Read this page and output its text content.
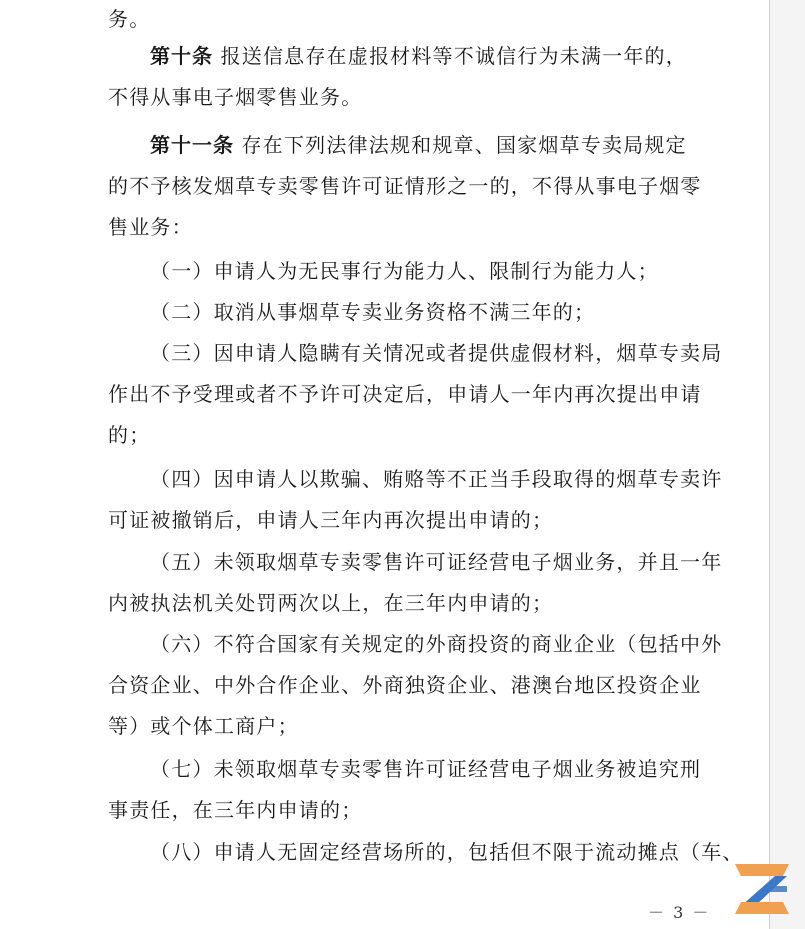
务。
第十条 报送信息存在虚报材料等不诚信行为未满一年的，
不得从事电子烟零售业务。
第十一条 存在下列法律法规和规章、国家烟草专卖局规定
的不予核发烟草专卖零售许可证情形之一的，不得从事电子烟零
售业务：
（一）申请人为无民事行为能力人、限制行为能力人；
（二）取消从事烟草专卖业务资格不满三年的；
（三）因申请人隐瞒有关情况或者提供虚假材料，烟草专卖局
作出不予受理或者不予许可决定后，申请人一年内再次提出申请
的；
（四）因申请人以欺骗、贿赂等不正当手段取得的烟草专卖许
可证被撤销后，申请人三年内再次提出申请的；
（五）未领取烟草专卖零售许可证经营电子烟业务，并且一年
内被执法机关处罚两次以上，在三年内申请的；
（六）不符合国家有关规定的外商投资的商业企业（包括中外
合资企业、中外合作企业、外商独资企业、港澳台地区投资企业
等）或个体工商户；
（七）未领取烟草专卖零售许可证经营电子烟业务被追究刑
事责任，在三年内申请的；
（八）申请人无固定经营场所的，包括但不限于流动摊点（车、
－ 3 －
